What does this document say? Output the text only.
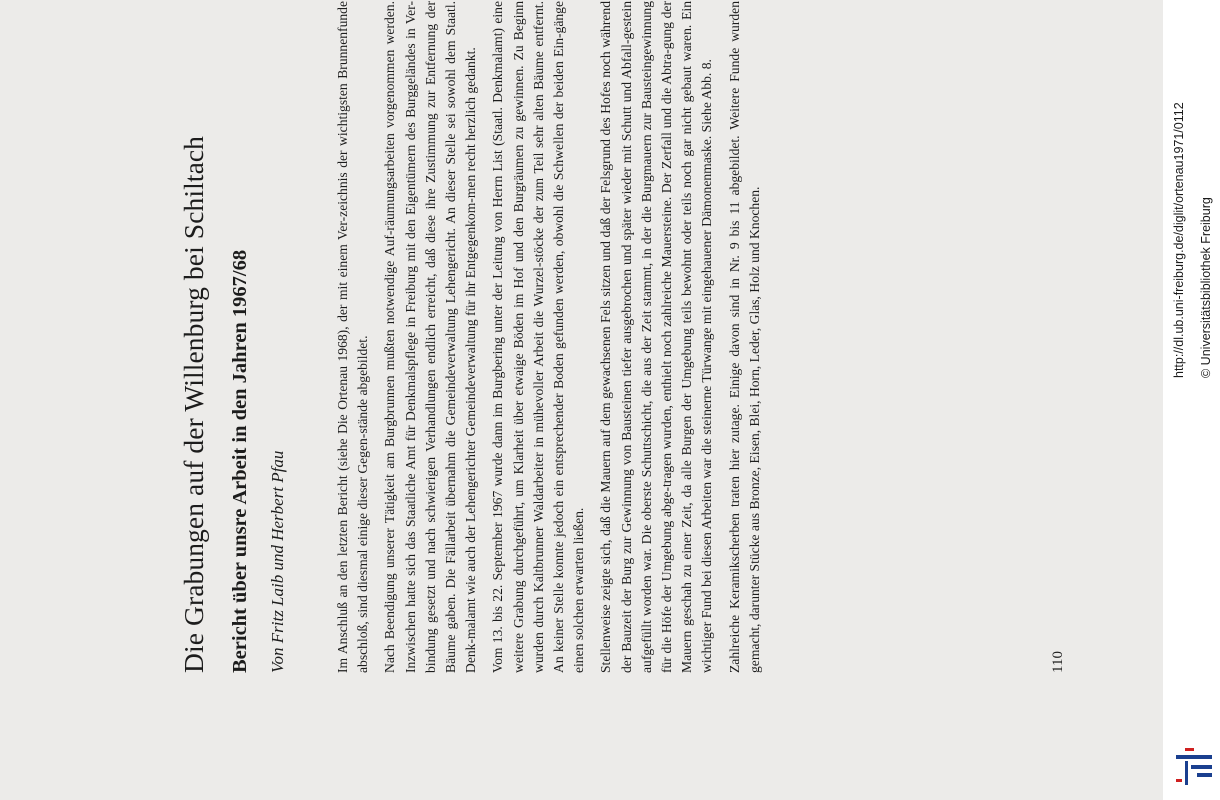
Die Grabungen auf der Willenburg bei Schiltach Bericht über unsre Arbeit in den Jahren 1967/68 Von Fritz Laib und Herbert Pfau	Im Anschluß an den letzten Bericht (siehe Die Ortenau 1968), der mit einem Ver-zeichnis der wichtigsten Brunnenfunde abschloß, sind diesmal einige dieser Gegen-stände abgebildet. Nach Beendigung unserer Tätigkeit am Burgbrunnen mußten notwendige Auf-räumungsarbeiten vorgenommen werden. Inzwischen hatte sich das Staatliche Amt für Denkmalspflege in Freiburg mit den Eigentümern des Burggeländes in Ver-bindung gesetzt und nach schwierigen Verhandlungen endlich erreicht, daß diese ihre Zustimmung zur Entfernung der Bäume gaben. Die Fällarbeit übernahm die Gemeindeverwaltung Lehengericht. An dieser Stelle sei sowohl dem Staatl. Denk-malamt wie auch der Lehengerichter Gemeindeverwaltung für ihr Entgegenkom-men recht herzlich gedankt. Vom 13. bis 22. September 1967 wurde dann im Burgbering unter der Leitung von Herrn List (Staatl. Denkmalamt) eine weitere Grabung durchgeführt, um Klarheit über etwaige Böden im Hof und den Burgräumen zu gewinnen. Zu Beginn wurden durch Kaltbrunner Waldarbeiter in mühevoller Arbeit die Wurzel-stöcke der zum Teil sehr alten Bäume entfernt. An keiner Stelle konnte jedoch ein entsprechender Boden gefunden werden, obwohl die Schwellen der beiden Ein-gänge einen solchen erwarten ließen. Stellenweise zeigte sich, daß die Mauern auf dem gewachsenen Fels sitzen und daß der Felsgrund des Hofes noch während der Bauzeit der Burg zur Gewinnung von Bausteinen tiefer ausgebrochen und später wieder mit Schutt und Abfall-gestein aufgefüllt worden war. Die oberste Schuttschicht, die aus der Zeit stammt, in der die Burgmauern zur Bausteingewinnung für die Höfe der Umgebung abge-tragen wurden, enthielt noch zahlreiche Mauersteine. Der Zerfall und die Abtra-gung der Mauern geschah zu einer Zeit, da alle Burgen der Umgebung teils bewohnt oder teils noch gar nicht gebaut waren. Ein wichtiger Fund bei diesen Arbeiten war die steinerne Türwange mit eingehauener Dämonenmaske. Siehe Abb. 8. Zahlreiche Keramikscherben traten hier zutage. Einige davon sind in Nr. 9 bis 11 abgebildet. Weitere Funde wurden gemacht, darunter Stücke aus Bronze, Eisen, Blei, Horn, Leder, Glas, Holz und Knochen.	110

http://dl.ub.uni-freiburg.de/diglit/ortenau1971/0112 © Universitätsbibliothek Freiburg
